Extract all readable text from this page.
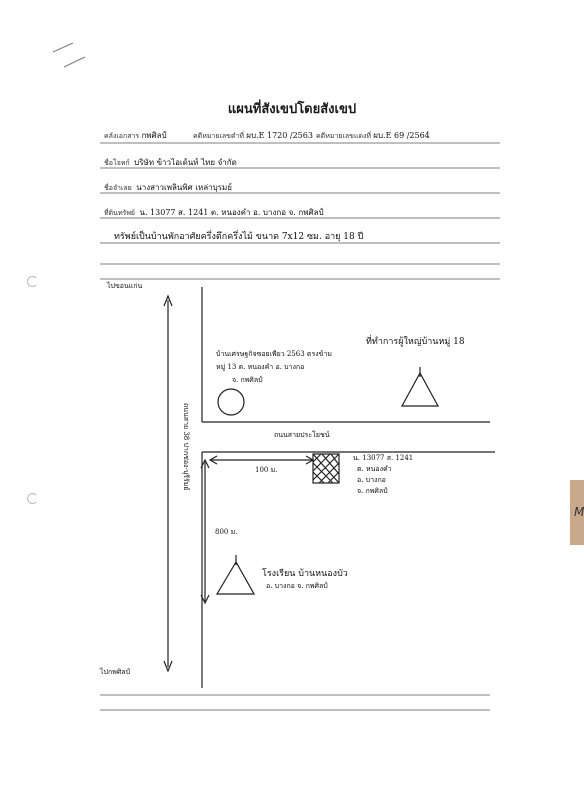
M
แผนที่สังเขปโดยสังเขป
คลังเอกสาร กพศิลป์	คดีหมายเลขดำที่ ผบ.E 1720 /2563 คดีหมายเลขแดงที่ ผบ.E 69 /2564
ชื่อโจทก์ บริษัท ข้าวไอเด้นท์ ไทย จำกัด
ชื่อจำเลย นางสาวเพลินพิศ เหล่าบุรมย์
ที่ดินทรัพย์ น. 13077 ส. 1241 ต. หนองคำ อ. บางกอ จ. กพศิลป์
ทรัพย์เป็นบ้านพักอาศัยครึ่งตึกครึ่งไม้ ขนาด 7x12 ซม. อายุ 18 ปี
ไปขอนแก่น
ไปกพศิลป์
ถนนสาย 38 ปากช่อง-บุรีรัมย์	ถนนสายประโยชน์
100 ม.
800 ม.
บ้านเศรษฐกิจซอยเพียว 2563 ตรงข้าม
หมู่ 13 ต. หนองคำ อ. บางกอ
จ. กพศิลป์
ที่ทำการผู้ใหญ่บ้านหมู่ 18
น. 13077 ส. 1241
ต. หนองคำ
อ. บางกอ
จ. กพศิลป์
โรงเรียน บ้านหนองบัว
อ. บางกอ จ. กพศิลป์
